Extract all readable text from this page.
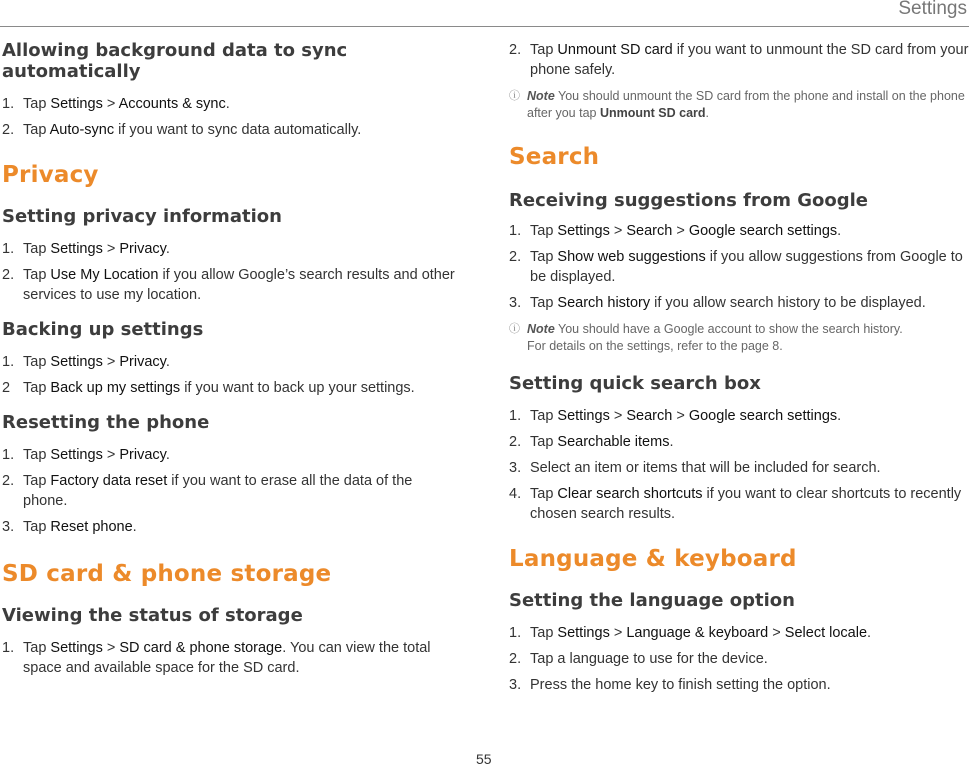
Settings
Allowing background data to sync automatically
1. Tap Settings > Accounts & sync.
2. Tap Auto-sync if you want to sync data automatically.
Privacy
Setting privacy information
1. Tap Settings > Privacy.
2. Tap Use My Location if you allow Google’s search results and other services to use my location.
Backing up settings
1. Tap Settings > Privacy.
2 Tap Back up my settings if you want to back up your settings.
Resetting the phone
1. Tap Settings > Privacy.
2. Tap Factory data reset if you want to erase all the data of the phone.
3. Tap Reset phone.
SD card & phone storage
Viewing the status of storage
1. Tap Settings > SD card & phone storage. You can view the total space and available space for the SD card.
2. Tap Unmount SD card if you want to unmount the SD card from your phone safely.
ⓘ Note You should unmount the SD card from the phone and install on the phone after you tap Unmount SD card.
Search
Receiving suggestions from Google
1. Tap Settings > Search > Google search settings.
2. Tap Show web suggestions if you allow suggestions from Google to be displayed.
3. Tap Search history if you allow search history to be displayed.
ⓘ Note You should have a Google account to show the search history.
For details on the settings, refer to the page 8.
Setting quick search box
1. Tap Settings > Search > Google search settings.
2. Tap Searchable items.
3. Select an item or items that will be included for search.
4. Tap Clear search shortcuts if you want to clear shortcuts to recently chosen search results.
Language & keyboard
Setting the language option
1. Tap Settings > Language & keyboard > Select locale.
2. Tap a language to use for the device.
3. Press the home key to finish setting the option.
55
